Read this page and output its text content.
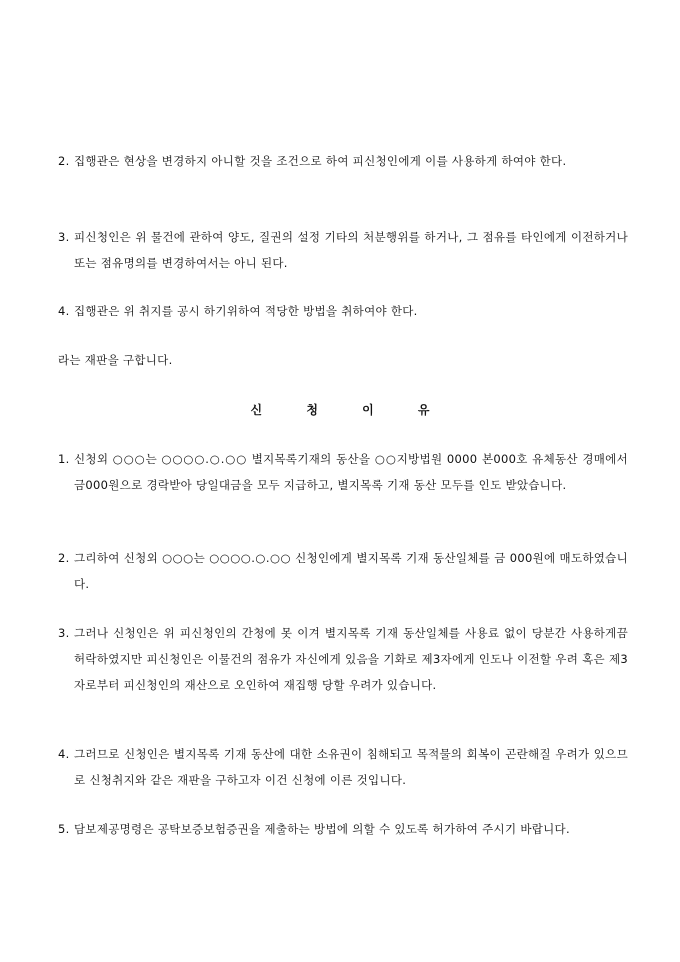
2. 집행관은 현상을 변경하지 아니할 것을 조건으로 하여 피신청인에게 이를 사용하게 하여야 한다.
3. 피신청인은 위 물건에 관하여 양도, 질권의 설정 기타의 처분행위를 하거나, 그 점유를 타인에게 이전하거나 또는 점유명의를 변경하여서는 아니 된다.
4. 집행관은 위 취지를 공시 하기위하여 적당한 방법을 취하여야 한다.
라는 재판을 구합니다.
신 청 이 유
1. 신청외 ○○○는 ○○○○.○.○○ 별지목록기재의 동산을 ○○지방법원 0000 본000호 유체동산 경매에서 금000원으로 경락받아 당일대금을 모두 지급하고, 별지목록 기재 동산 모두를 인도 받았습니다.
2. 그리하여 신청외 ○○○는 ○○○○.○.○○ 신청인에게 별지목록 기재 동산일체를 금 000원에 매도하였습니다.
3. 그러나 신청인은 위 피신청인의 간청에 못 이겨 별지목록 기재 동산일체를 사용료 없이 당분간 사용하게끔 허락하였지만 피신청인은 이물건의 점유가 자신에게 있음을 기화로 제3자에게 인도나 이전할 우려 혹은 제3자로부터 피신청인의 재산으로 오인하여 재집행 당할 우려가 있습니다.
4. 그러므로 신청인은 별지목록 기재 동산에 대한 소유권이 침해되고 목적물의 회복이 곤란해질 우려가 있으므로 신청취지와 같은 재판을 구하고자 이건 신청에 이른 것입니다.
5. 담보제공명령은 공탁보증보험증권을 제출하는 방법에 의할 수 있도록 허가하여 주시기 바랍니다.
